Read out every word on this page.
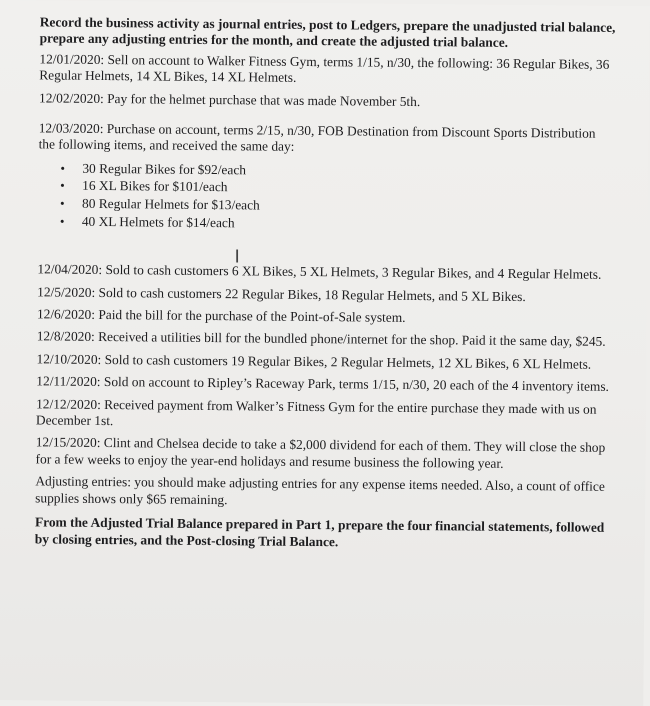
Record the business activity as journal entries, post to Ledgers, prepare the unadjusted trial balance, prepare any adjusting entries for the month, and create the adjusted trial balance.

12/01/2020: Sell on account to Walker Fitness Gym, terms 1/15, n/30, the following: 36 Regular Bikes, 36 Regular Helmets, 14 XL Bikes, 14 XL Helmets.

12/02/2020: Pay for the helmet purchase that was made November 5th.

12/03/2020: Purchase on account, terms 2/15, n/30, FOB Destination from Discount Sports Distribution the following items, and received the same day:

• 30 Regular Bikes for $92/each
• 16 XL Bikes for $101/each
• 80 Regular Helmets for $13/each
• 40 XL Helmets for $14/each

12/04/2020: Sold to cash customers 6 XL Bikes, 5 XL Helmets, 3 Regular Bikes, and 4 Regular Helmets.

12/5/2020: Sold to cash customers 22 Regular Bikes, 18 Regular Helmets, and 5 XL Bikes.

12/6/2020: Paid the bill for the purchase of the Point-of-Sale system.

12/8/2020: Received a utilities bill for the bundled phone/internet for the shop. Paid it the same day, $245.

12/10/2020: Sold to cash customers 19 Regular Bikes, 2 Regular Helmets, 12 XL Bikes, 6 XL Helmets.

12/11/2020: Sold on account to Ripley’s Raceway Park, terms 1/15, n/30, 20 each of the 4 inventory items.

12/12/2020: Received payment from Walker’s Fitness Gym for the entire purchase they made with us on December 1st.

12/15/2020: Clint and Chelsea decide to take a $2,000 dividend for each of them. They will close the shop for a few weeks to enjoy the year-end holidays and resume business the following year.

Adjusting entries: you should make adjusting entries for any expense items needed. Also, a count of office supplies shows only $65 remaining.

From the Adjusted Trial Balance prepared in Part 1, prepare the four financial statements, followed by closing entries, and the Post-closing Trial Balance.

I
